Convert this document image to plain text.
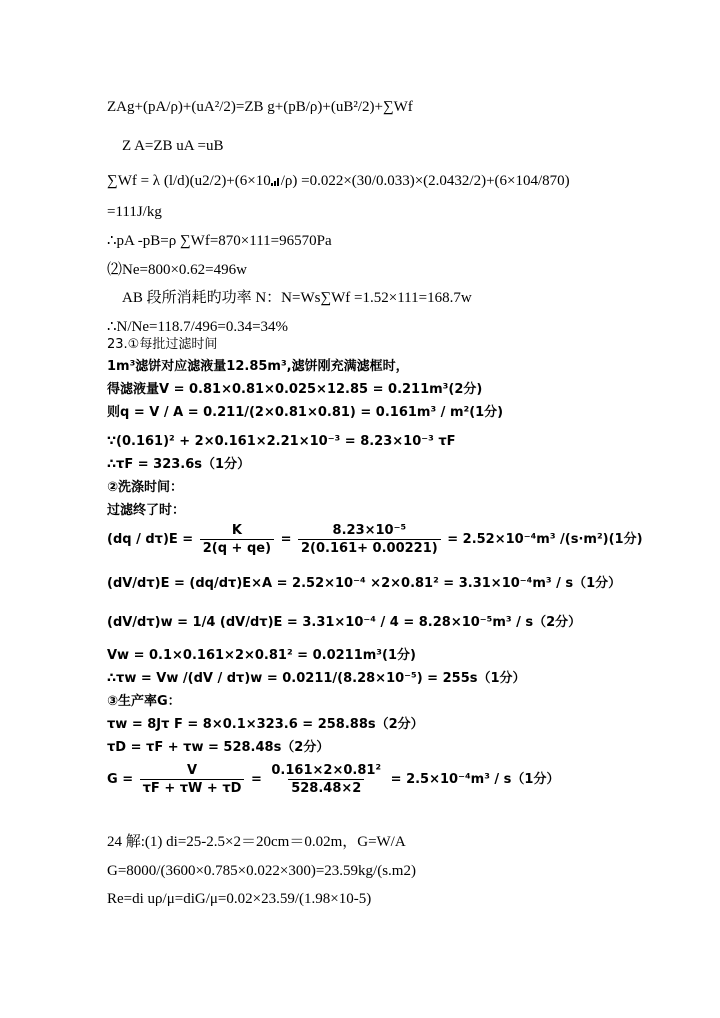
ZAg+(pA/ρ)+(uA²/2)=ZB g+(pB/ρ)+(uB²/2)+∑Wf
Z A=ZB uA =uB
∑Wf = λ (l/d)(u2/2)+(6×10 /ρ) =0.022×(30/0.033)×(2.0432/2)+(6×104/870)
=111J/kg
∴pA -pB=ρ ∑Wf=870×111=96570Pa
⑵Ne=800×0.62=496w
AB 段所消耗旳功率 N：N=Ws∑Wf =1.52×111=168.7w
∴N/Ne=118.7/496=0.34=34%
23.①每批过滤时间
1m³滤饼对应滤液量12.85m³,滤饼刚充满滤框时，
得滤液量V = 0.81×0.81×0.025×12.85 = 0.211m³(2分)
则q = V / A = 0.211/(2×0.81×0.81) = 0.161m³ / m²(1分)
∵(0.161)² + 2×0.161×2.21×10⁻³ = 8.23×10⁻³ τF
∴τF = 323.6s（1分）
②洗涤时间：
过滤终了时：
$(dq / d\tau)E = \frac{K}{2(q + qe)} = \frac{\text{8.23×10⁻⁵}}{2(0.161+ 0.00221)} = 2.52\times 10^{-4}m^3$ /(s·m²)(1分)
(dV/dτ)E = (dq/dτ)E×A = 2.52×10⁻⁴ ×2×0.81² = 3.31×10⁻⁴m³ / s（1分）
(dV/dτ)w = 1/4 (dV/dτ)E = 3.31×10⁻⁴ / 4 = 8.28×10⁻⁵m³ / s（2分）
Vw = 0.1×0.161×2×0.81² = 0.0211m³(1分)
∴τw = Vw /(dV / dτ)w = 0.0211/(8.28×10⁻⁵) = 255s（1分）
③生产率G：
τw = 8Jτ F = 8×0.1×323.6 = 258.88s（2分）
τD = τF + τw = 528.48s（2分）
$G = \frac{V}{\tau F + \tau W + \tau D} = \frac{\text{0.161×2×0.81²}}{528.48\times 2} = 2.5\times 10^{-4}m^3 / s(1$分）
24 解:(1) di=25-2.5×2＝20cm＝0.02m，G=W/A
G=8000/(3600×0.785×0.022×300)=23.59kg/(s.m2)
Re=di uρ/μ=diG/μ=0.02×23.59/(1.98×10-5)
